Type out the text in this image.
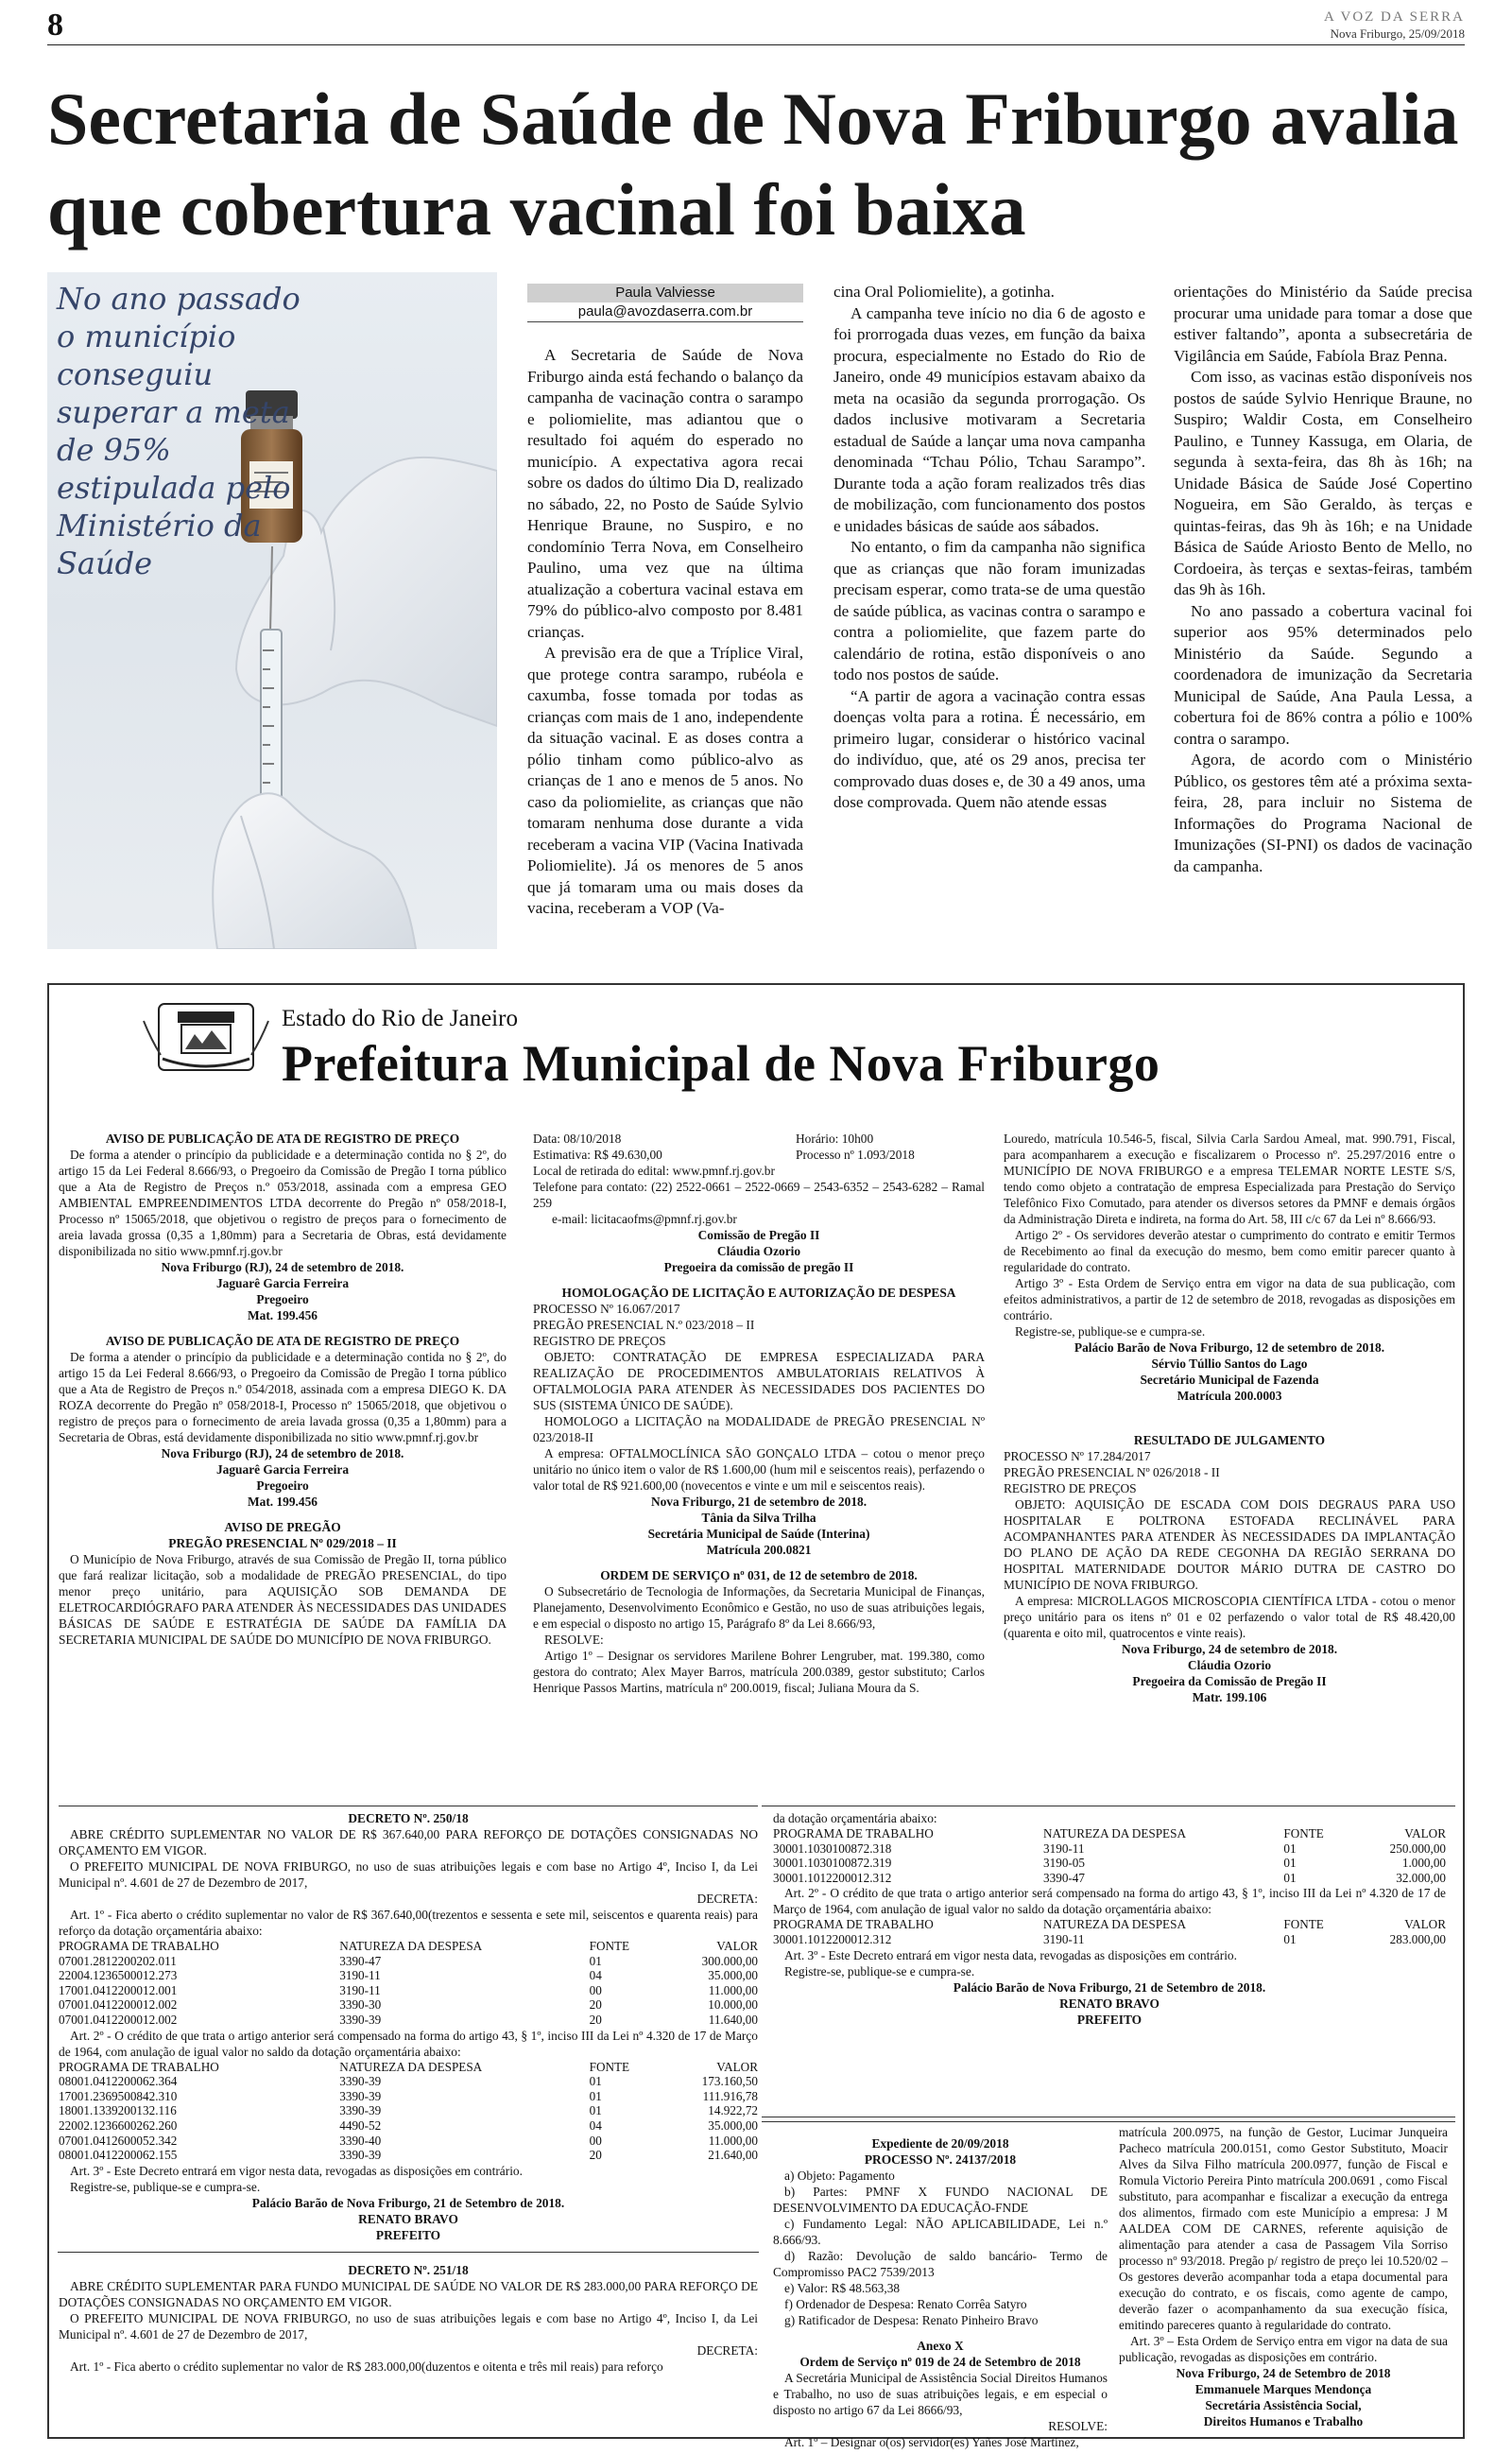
8	A VOZ DA SERRA
Nova Friburgo, 25/09/2018
Secretaria de Saúde de Nova Friburgo avalia que cobertura vacinal foi baixa
No ano passado o município conseguiu superar a meta de 95% estipulada pelo Ministério da Saúde
Paula Valviesse
paula@avozdaserra.com.br

A Secretaria de Saúde de Nova Friburgo ainda está fechando o balanço da campanha de vacinação contra o sarampo e poliomielite, mas adiantou que o resultado foi aquém do esperado no município. A expectativa agora recai sobre os dados do último Dia D, realizado no sábado, 22, no Posto de Saúde Sylvio Henrique Braune, no Suspiro, e no condomínio Terra Nova, em Conselheiro Paulino, uma vez que na última atualização a cobertura vacinal estava em 79% do público-alvo composto por 8.481 crianças.

A previsão era de que a Tríplice Viral, que protege contra sarampo, rubéola e caxumba, fosse tomada por todas as crianças com mais de 1 ano, independente da situação vacinal. E as doses contra a pólio tinham como público-alvo as crianças de 1 ano e menos de 5 anos. No caso da poliomielite, as crianças que não tomaram nenhuma dose durante a vida receberam a vacina VIP (Vacina Inativada Poliomielite). Já os menores de 5 anos que já tomaram uma ou mais doses da vacina, receberam a VOP (Va-

cina Oral Poliomielite), a gotinha.

A campanha teve início no dia 6 de agosto e foi prorrogada duas vezes, em função da baixa procura, especialmente no Estado do Rio de Janeiro, onde 49 municípios estavam abaixo da meta na ocasião da segunda prorrogação. Os dados inclusive motivaram a Secretaria estadual de Saúde a lançar uma nova campanha denominada “Tchau Pólio, Tchau Sarampo”. Durante toda a ação foram realizados três dias de mobilização, com funcionamento dos postos e unidades básicas de saúde aos sábados.

No entanto, o fim da campanha não significa que as crianças que não foram imunizadas precisam esperar, como trata-se de uma questão de saúde pública, as vacinas contra o sarampo e contra a poliomielite, que fazem parte do calendário de rotina, estão disponíveis o ano todo nos postos de saúde.

“A partir de agora a vacinação contra essas doenças volta para a rotina. É necessário, em primeiro lugar, considerar o histórico vacinal do indivíduo, que, até os 29 anos, precisa ter comprovado duas doses e, de 30 a 49 anos, uma dose comprovada. Quem não atende essas

orientações do Ministério da Saúde precisa procurar uma unidade para tomar a dose que estiver faltando”, aponta a subsecretária de Vigilância em Saúde, Fabíola Braz Penna.

Com isso, as vacinas estão disponíveis nos postos de saúde Sylvio Henrique Braune, no Suspiro; Waldir Costa, em Conselheiro Paulino, e Tunney Kassuga, em Olaria, de segunda à sexta-feira, das 8h às 16h; na Unidade Básica de Saúde José Copertino Nogueira, em São Geraldo, às terças e quintas-feiras, das 9h às 16h; e na Unidade Básica de Saúde Ariosto Bento de Mello, no Cordoeira, às terças e sextas-feiras, também das 9h às 16h.

No ano passado a cobertura vacinal foi superior aos 95% determinados pelo Ministério da Saúde. Segundo a coordenadora de imunização da Secretaria Municipal de Saúde, Ana Paula Lessa, a cobertura foi de 86% contra a pólio e 100% contra o sarampo.

Agora, de acordo com o Ministério Público, os gestores têm até a próxima sexta-feira, 28, para incluir no Sistema de Informações do Programa Nacional de Imunizações (SI-PNI) os dados de vacinação da campanha.

Estado do Rio de Janeiro
Prefeitura Municipal de Nova Friburgo
AVISO DE PUBLICAÇÃO DE ATA DE REGISTRO DE PREÇO

De forma a atender o princípio da publicidade e a determinação contida no § 2º, do artigo 15 da Lei Federal 8.666/93, o Pregoeiro da Comissão de Pregão I torna público que a Ata de Registro de Preços n.º 053/2018, assinada com a empresa GEO AMBIENTAL EMPREENDIMENTOS LTDA decorrente do Pregão nº 058/2018-I, Processo nº 15065/2018, que objetivou o registro de preços para o fornecimento de areia lavada grossa (0,35 a 1,80mm) para a Secretaria de Obras, está devidamente disponibilizada no sitio www.pmnf.rj.gov.br

Nova Friburgo (RJ), 24 de setembro de 2018.
Jaguarê Garcia Ferreira
Pregoeiro
Mat. 199.456
AVISO DE PUBLICAÇÃO DE ATA DE REGISTRO DE PREÇO

De forma a atender o princípio da publicidade e a determinação contida no § 2º, do artigo 15 da Lei Federal 8.666/93, o Pregoeiro da Comissão de Pregão I torna público que a Ata de Registro de Preços n.º 054/2018, assinada com a empresa DIEGO K. DA ROZA decorrente do Pregão nº 058/2018-I, Processo nº 15065/2018, que objetivou o registro de preços para o fornecimento de areia lavada grossa (0,35 a 1,80mm) para a Secretaria de Obras, está devidamente disponibilizada no sitio www.pmnf.rj.gov.br

Nova Friburgo (RJ), 24 de setembro de 2018.
Jaguarê Garcia Ferreira
Pregoeiro
Mat. 199.456
AVISO DE PREGÃO
PREGÃO PRESENCIAL Nº 029/2018 – II

O Município de Nova Friburgo, através de sua Comissão de Pregão II, torna público que fará realizar licitação, sob a modalidade de PREGÃO PRESENCIAL, do tipo menor preço unitário, para AQUISIÇÃO SOB DEMANDA DE ELETROCARDIÓGRAFO PARA ATENDER ÀS NECESSIDADES DAS UNIDADES BÁSICAS DE SAÚDE E ESTRATÉGIA DE SAÚDE DA FAMÍLIA DA SECRETARIA MUNICIPAL DE SAÚDE DO MUNICÍPIO DE NOVA FRIBURGO.

Data: 08/10/2018	Horário: 10h00
Estimativa: R$ 49.630,00	Processo nº 1.093/2018

Local de retirada do edital: www.pmnf.rj.gov.br

Telefone para contato: (22) 2522-0661 – 2522-0669 – 2543-6352 – 2543-6282 – Ramal 259

e-mail: licitacaofms@pmnf.rj.gov.br

Comissão de Pregão II
Cláudia Ozorio
Pregoeira da comissão de pregão II
HOMOLOGAÇÃO DE LICITAÇÃO E AUTORIZAÇÃO DE DESPESA

PROCESSO Nº 16.067/2017

PREGÃO PRESENCIAL N.º 023/2018 – II

REGISTRO DE PREÇOS

OBJETO: CONTRATAÇÃO DE EMPRESA ESPECIALIZADA PARA REALIZAÇÃO DE PROCEDIMENTOS AMBULATORIAIS RELATIVOS À OFTALMOLOGIA PARA ATENDER ÀS NECESSIDADES DOS PACIENTES DO SUS (SISTEMA ÚNICO DE SAÚDE).

HOMOLOGO a LICITAÇÃO na MODALIDADE de PREGÃO PRESENCIAL Nº 023/2018-II

A empresa: OFTALMOCLÍNICA SÃO GONÇALO LTDA – cotou o menor preço unitário no único item o valor de R$ 1.600,00 (hum mil e seiscentos reais), perfazendo o valor total de R$ 921.600,00 (novecentos e vinte e um mil e seiscentos reais).

Nova Friburgo, 21 de setembro de 2018.
Tânia da Silva Trilha
Secretária Municipal de Saúde (Interina)
Matrícula 200.0821
ORDEM DE SERVIÇO nº 031, de 12 de setembro de 2018.

O Subsecretário de Tecnologia de Informações, da Secretaria Municipal de Finanças, Planejamento, Desenvolvimento Econômico e Gestão, no uso de suas atribuições legais, e em especial o disposto no artigo 15, Parágrafo 8º da Lei 8.666/93,

RESOLVE:

Artigo 1º – Designar os servidores Marilene Bohrer Lengruber, mat. 199.380, como gestora do contrato; Alex Mayer Barros, matrícula 200.0389, gestor substituto; Carlos Henrique Passos Martins, matrícula nº 200.0019, fiscal; Juliana Moura da S.

Louredo, matrícula 10.546-5, fiscal, Silvia Carla Sardou Ameal, mat. 990.791, Fiscal, para acompanharem a execução e fiscalizarem o Processo nº. 25.297/2016 entre o MUNICÍPIO DE NOVA FRIBURGO e a empresa TELEMAR NORTE LESTE S/S, tendo como objeto a contratação de empresa Especializada para Prestação do Serviço Telefônico Fixo Comutado, para atender os diversos setores da PMNF e demais órgãos da Administração Direta e indireta, na forma do Art. 58, III c/c 67 da Lei nº 8.666/93.

Artigo 2º - Os servidores deverão atestar o cumprimento do contrato e emitir Termos de Recebimento ao final da execução do mesmo, bem como emitir parecer quanto à regularidade do contrato.

Artigo 3º - Esta Ordem de Serviço entra em vigor na data de sua publicação, com efeitos administrativos, a partir de 12 de setembro de 2018, revogadas as disposições em contrário.

Registre-se, publique-se e cumpra-se.

Palácio Barão de Nova Friburgo, 12 de setembro de 2018.
Sérvio Túllio Santos do Lago
Secretário Municipal de Fazenda
Matrícula 200.0003
RESULTADO DE JULGAMENTO

PROCESSO Nº 17.284/2017

PREGÃO PRESENCIAL Nº 026/2018 - II

REGISTRO DE PREÇOS

OBJETO: AQUISIÇÃO DE ESCADA COM DOIS DEGRAUS PARA USO HOSPITALAR E POLTRONA ESTOFADA RECLINÁVEL PARA ACOMPANHANTES PARA ATENDER ÀS NECESSIDADES DA IMPLANTAÇÃO DO PLANO DE AÇÃO DA REDE CEGONHA DA REGIÃO SERRANA DO HOSPITAL MATERNIDADE DOUTOR MÁRIO DUTRA DE CASTRO DO MUNICÍPIO DE NOVA FRIBURGO.

A empresa: MICROLLAGOS MICROSCOPIA CIENTÍFICA LTDA - cotou o menor preço unitário para os itens nº 01 e 02 perfazendo o valor total de R$ 48.420,00 (quarenta e oito mil, quatrocentos e vinte reais).

Nova Friburgo, 24 de setembro de 2018.
Cláudia Ozorio
Pregoeira da Comissão de Pregão II
Matr. 199.106
DECRETO Nº. 250/18

ABRE CRÉDITO SUPLEMENTAR NO VALOR DE R$ 367.640,00 PARA REFORÇO DE DOTAÇÕES CONSIGNADAS NO ORÇAMENTO EM VIGOR.

O PREFEITO MUNICIPAL DE NOVA FRIBURGO, no uso de suas atribuições legais e com base no Artigo 4º, Inciso I, da Lei Municipal nº. 4.601 de 27 de Dezembro de 2017,

DECRETA:

Art. 1º - Fica aberto o crédito suplementar no valor de R$ 367.640,00(trezentos e sessenta e sete mil, seiscentos e quarenta reais) para reforço da dotação orçamentária abaixo:

PROGRAMA DE TRABALHO	NATUREZA DA DESPESA	FONTE	VALOR
07001.2812200202.011	3390-47	01	300.000,00
22004.1236500012.273	3190-11	04	35.000,00
17001.0412200012.001	3190-11	00	11.000,00
07001.0412200012.002	3390-30	20	10.000,00
07001.0412200012.002	3390-39	20	11.640,00

Art. 2º - O crédito de que trata o artigo anterior será compensado na forma do artigo 43, § 1º, inciso III da Lei nº 4.320 de 17 de Março de 1964, com anulação de igual valor no saldo da dotação orçamentária abaixo:

PROGRAMA DE TRABALHO	NATUREZA DA DESPESA	FONTE	VALOR
08001.0412200062.364	3390-39	01	173.160,50
17001.2369500842.310	3390-39	01	111.916,78
18001.1339200132.116	3390-39	01	14.922,72
22002.1236600262.260	4490-52	04	35.000,00
07001.0412600052.342	3390-40	00	11.000,00
08001.0412200062.155	3390-39	20	21.640,00

Art. 3º - Este Decreto entrará em vigor nesta data, revogadas as disposições em contrário.

Registre-se, publique-se e cumpra-se.

Palácio Barão de Nova Friburgo, 21 de Setembro de 2018.
RENATO BRAVO
PREFEITO
DECRETO Nº. 251/18

ABRE CRÉDITO SUPLEMENTAR PARA FUNDO MUNICIPAL DE SAÚDE NO VALOR DE R$ 283.000,00 PARA REFORÇO DE DOTAÇÕES CONSIGNADAS NO ORÇAMENTO EM VIGOR.

O PREFEITO MUNICIPAL DE NOVA FRIBURGO, no uso de suas atribuições legais e com base no Artigo 4º, Inciso I, da Lei Municipal nº. 4.601 de 27 de Dezembro de 2017,

DECRETA:

Art. 1º - Fica aberto o crédito suplementar no valor de R$ 283.000,00(duzentos e oitenta e três mil reais) para reforço

da dotação orçamentária abaixo:

PROGRAMA DE TRABALHO	NATUREZA DA DESPESA	FONTE	VALOR
30001.1030100872.318	3190-11	01	250.000,00
30001.1030100872.319	3190-05	01	1.000,00
30001.1012200012.312	3390-47	01	32.000,00

Art. 2º - O crédito de que trata o artigo anterior será compensado na forma do artigo 43, § 1º, inciso III da Lei nº 4.320 de 17 de Março de 1964, com anulação de igual valor no saldo da dotação orçamentária abaixo:

PROGRAMA DE TRABALHO	NATUREZA DA DESPESA	FONTE	VALOR
30001.1012200012.312	3190-11	01	283.000,00

Art. 3º - Este Decreto entrará em vigor nesta data, revogadas as disposições em contrário.

Registre-se, publique-se e cumpra-se.

Palácio Barão de Nova Friburgo, 21 de Setembro de 2018.
RENATO BRAVO
PREFEITO
Expediente de 20/09/2018
PROCESSO Nº. 24137/2018

a) Objeto: Pagamento

b) Partes: PMNF X FUNDO NACIONAL DE DESENVOLVIMENTO DA EDUCAÇÃO-FNDE

c) Fundamento Legal: NÃO APLICABILIDADE, Lei n.º 8.666/93.

d) Razão: Devolução de saldo bancário- Termo de Compromisso PAC2 7539/2013

e) Valor: R$ 48.563,38

f) Ordenador de Despesa: Renato Corrêa Satyro

g) Ratificador de Despesa: Renato Pinheiro Bravo

Anexo X
Ordem de Serviço nº 019 de 24 de Setembro de 2018

A Secretária Municipal de Assistência Social Direitos Humanos e Trabalho, no uso de suas atribuições legais, e em especial o disposto no artigo 67 da Lei 8666/93,

RESOLVE:

Art. 1º – Designar o(os) servidor(es) Yañes José Martinez,

matrícula 200.0975, na função de Gestor, Lucimar Junqueira Pacheco matrícula 200.0151, como Gestor Substituto, Moacir Alves da Silva Filho matrícula 200.0977, função de Fiscal e Romula Victorio Pereira Pinto matrícula 200.0691 , como Fiscal substituto, para acompanhar e fiscalizar a execução da entrega dos alimentos, firmado com este Município a empresa: J M AALDEA COM DE CARNES, referente aquisição de alimentação para atender a casa de Passagem Vila Sorriso processo nº 93/2018. Pregão p/ registro de preço lei 10.520/02 – Os gestores deverão acompanhar toda a etapa documental para execução do contrato, e os fiscais, como agente de campo, deverão fazer o acompanhamento da sua execução física, emitindo pareceres quanto à regularidade do contrato.

Art. 3º – Esta Ordem de Serviço entra em vigor na data de sua publicação, revogadas as disposições em contrário.

Nova Friburgo, 24 de Setembro de 2018
Emmanuele Marques Mendonça
Secretária Assistência Social,
Direitos Humanos e Trabalho
